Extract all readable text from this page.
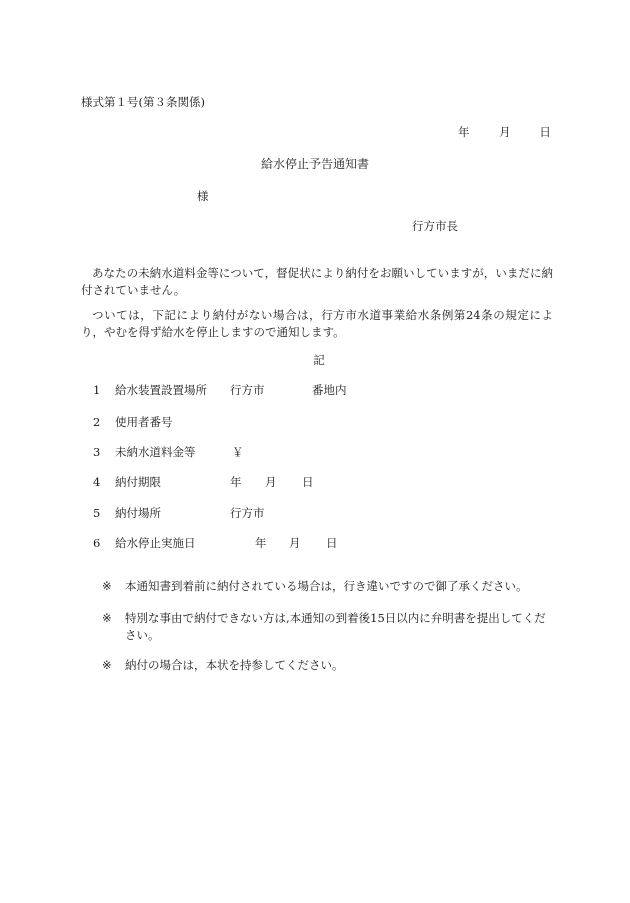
様式第１号(第３条関係)
年	月 日
給水停止予告通知書
様
行方市長
あなたの未納水道料金等について，督促状により納付をお願いしていますが，いまだに納付されていません。
ついては，下記により納付がない場合は，行方市水道事業給水条例第24条の規定により，やむを得ず給水を停止しますので通知します。
記
1 給水装置設置場所 行方市	番地内
2 使用者番号
3 未納水道料金等	￥
4 納付期限	年 月 日
5 納付場所	行方市
6 給水停止実施日	年 月 日
※	本通知書到着前に納付されている場合は，行き違いですので御了承ください。
※	特別な事由で納付できない方は,本通知の到着後15日以内に弁明書を提出してください。
※	納付の場合は，本状を持参してください。
